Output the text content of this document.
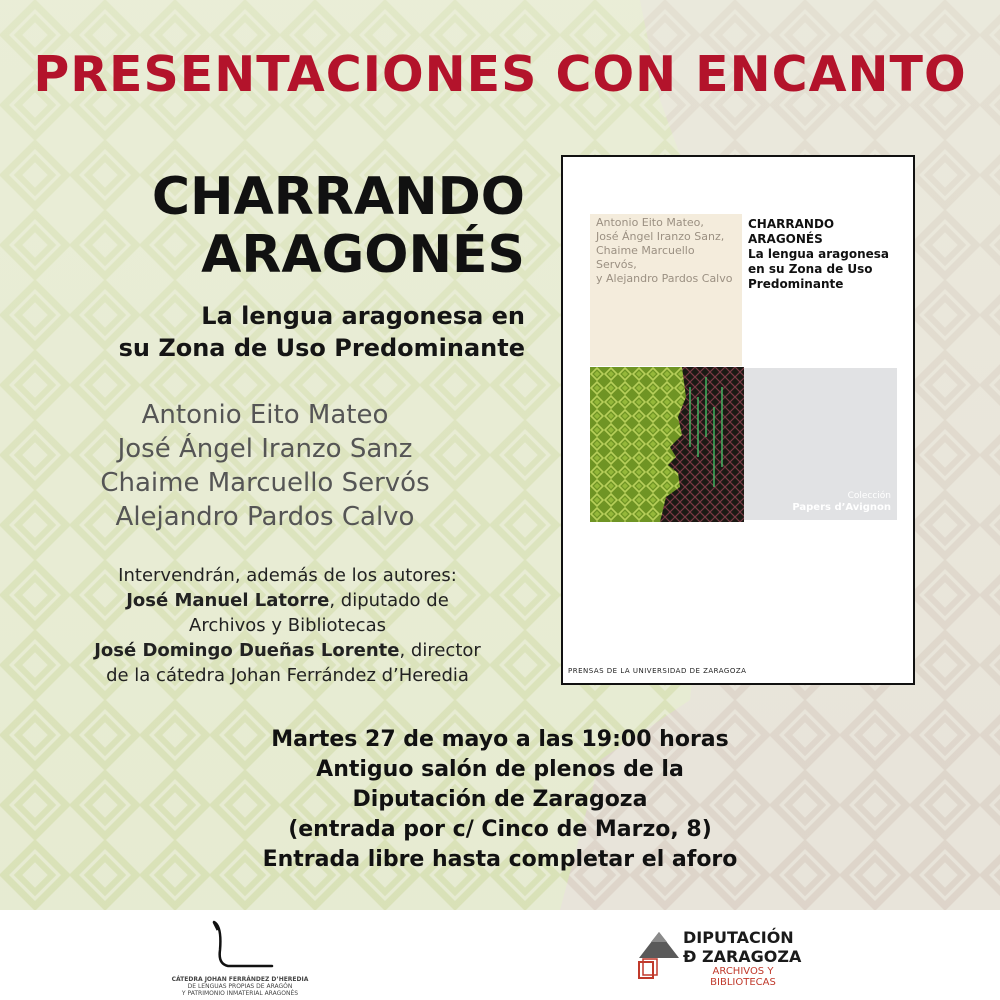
PRESENTACIONES CON ENCANTO
CHARRANDO
ARAGONÉS
La lengua aragonesa en
su Zona de Uso Predominante
Antonio Eito Mateo
José Ángel Iranzo Sanz
Chaime Marcuello Servós
Alejandro Pardos Calvo
Intervendrán, además de los autores:
José Manuel Latorre, diputado de
Archivos y Bibliotecas
José Domingo Dueñas Lorente, director
de la cátedra Johan Ferrández d’Heredia
Antonio Eito Mateo,
José Ángel Iranzo Sanz,
Chaime Marcuello Servós,
y Alejandro Pardos Calvo
CHARRANDO
ARAGONÉS
La lengua aragonesa
en su Zona de Uso
Predominante
Colección
Papers d’Avignon
PRENSAS DE LA UNIVERSIDAD DE ZARAGOZA
Martes 27 de mayo a las 19:00 horas
Antiguo salón de plenos de la
Diputación de Zaragoza
(entrada por c/ Cinco de Marzo, 8)
Entrada libre hasta completar el aforo
CÁTEDRA JOHAN FERRÁNDEZ D’HEREDIA
DE LENGUAS PROPIAS DE ARAGÓN
Y PATRIMONIO INMATERIAL ARAGONÉS
DIPUTACIÓN
Ð ZARAGOZA
ARCHIVOS Y
BIBLIOTECAS
